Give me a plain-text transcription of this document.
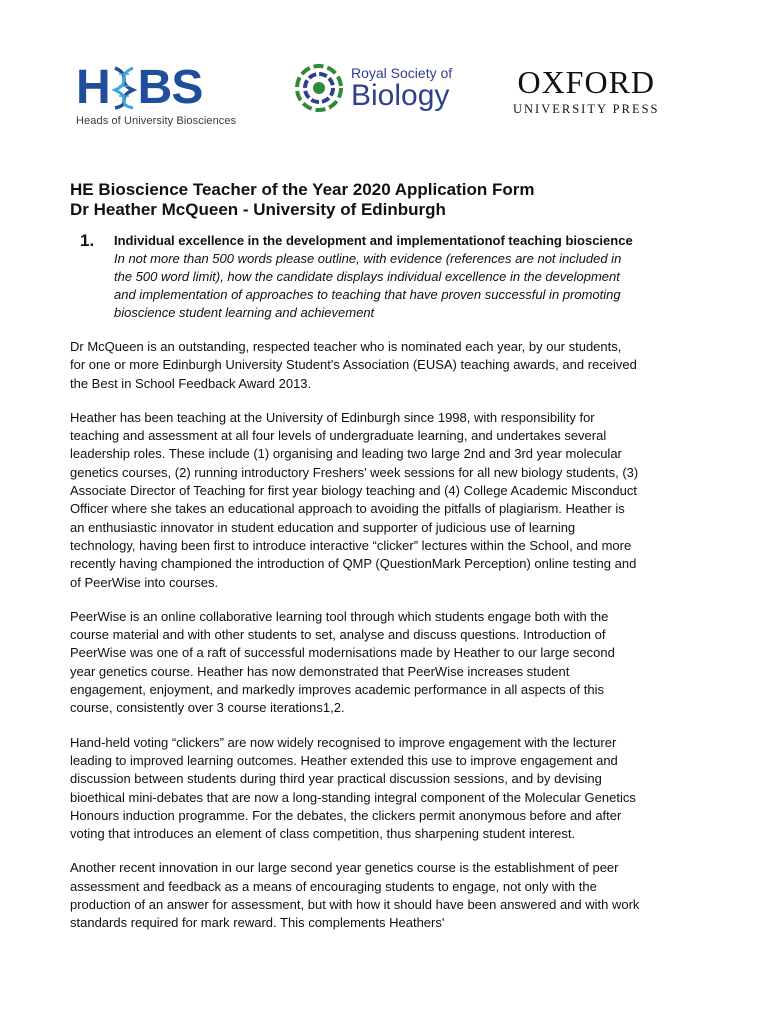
H BS
Heads of University Biosciences
Royal Society of
Biology OXFORD
UNIVERSITY PRESS
HE Bioscience Teacher of the Year 2020 Application Form
Dr Heather McQueen - University of Edinburgh
1.	Individual excellence in the development and implementationof teaching bioscience

In not more than 500 words please outline, with evidence (references are not included in the 500 word limit), how the candidate displays individual excellence in the development and implementation of approaches to teaching that have proven successful in promoting bioscience student learning and achievement

Dr McQueen is an outstanding, respected teacher who is nominated each year, by our students, for one or more Edinburgh University Student's Association (EUSA) teaching awards, and received the Best in School Feedback Award 2013.

Heather has been teaching at the University of Edinburgh since 1998, with responsibility for teaching and assessment at all four levels of undergraduate learning, and undertakes several leadership roles. These include (1) organising and leading two large 2nd and 3rd year molecular genetics courses, (2) running introductory Freshers' week sessions for all new biology students, (3) Associate Director of Teaching for first year biology teaching and (4) College Academic Misconduct Officer where she takes an educational approach to avoiding the pitfalls of plagiarism. Heather is an enthusiastic innovator in student education and supporter of judicious use of learning technology, having been first to introduce interactive “clicker” lectures within the School, and more recently having championed the introduction of QMP (QuestionMark Perception) online testing and of PeerWise into courses.

PeerWise is an online collaborative learning tool through which students engage both with the course material and with other students to set, analyse and discuss questions. Introduction of PeerWise was one of a raft of successful modernisations made by Heather to our large second year genetics course. Heather has now demonstrated that PeerWise increases student engagement, enjoyment, and markedly improves academic performance in all aspects of this course, consistently over 3 course iterations1,2.

Hand-held voting “clickers” are now widely recognised to improve engagement with the lecturer leading to improved learning outcomes. Heather extended this use to improve engagement and discussion between students during third year practical discussion sessions, and by devising bioethical mini-debates that are now a long-standing integral component of the Molecular Genetics Honours induction programme. For the debates, the clickers permit anonymous before and after voting that introduces an element of class competition, thus sharpening student interest.

Another recent innovation in our large second year genetics course is the establishment of peer assessment and feedback as a means of encouraging students to engage, not only with the production of an answer for assessment, but with how it should have been answered and with work standards required for mark reward. This complements Heathers'
